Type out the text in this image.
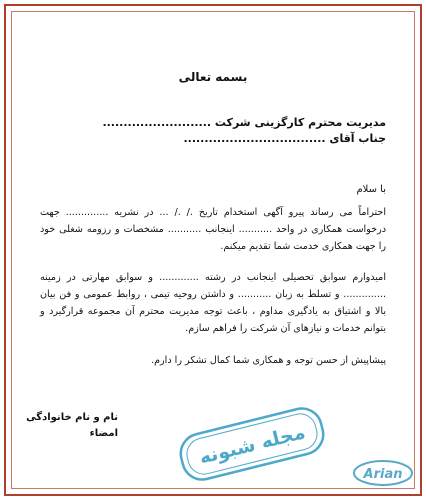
بسمه تعالی
مدیریت محترم کارگزینی شرکت ..........................
جناب آقای ..................................
با سلام
احتراماً می رساند پیرو آگهی استخدام تاریخ ./ ./ ... در نشریه .............. جهت درخواست همکاری در واحد ........... اینجانب ........... مشخصات و رزومه شغلی خود را جهت همکاری خدمت شما تقدیم میکنم.
امیدوارم سوابق تحصیلی اینجانب در رشته ............. و سوابق مهارتی در زمینه .............. و تسلط به زبان ........... و داشتن روحیه تیمی ، روابط عمومی و فن بیان بالا و اشتیاق به یادگیری مداوم ، باعث توجه مدیریت محترم آن مجموعه قرارگیرد و بتوانم خدمات و نیازهای آن شرکت را فراهم سازم.
پیشاپیش از حسن توجه و همکاری شما کمال تشکر را دارم.
نام و نام خانوادگی
امضاء	مجله شبونه
Arian
